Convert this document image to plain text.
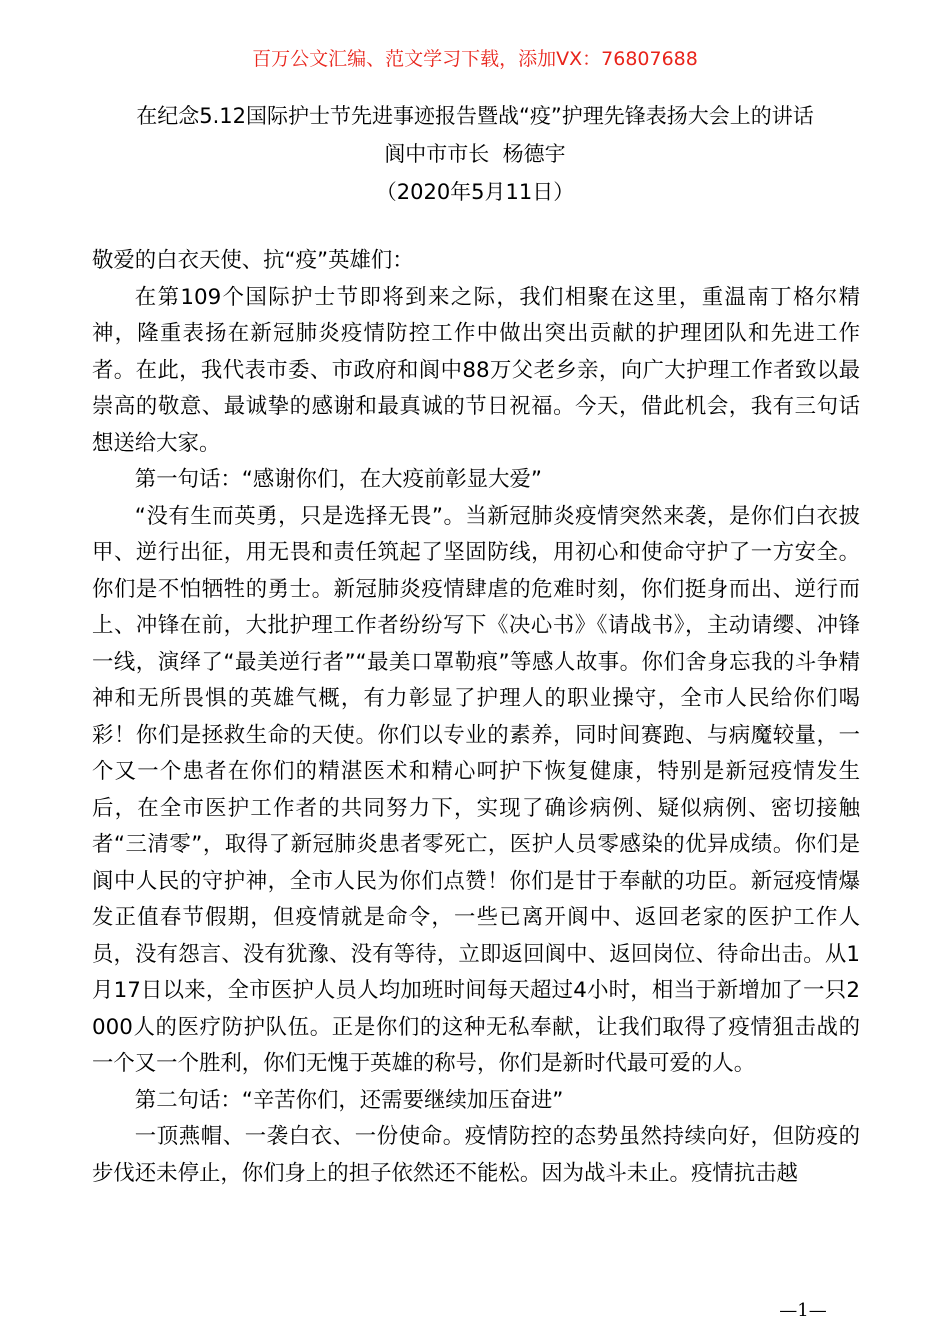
百万公文汇编、范文学习下载，添加VX：76807688
在纪念5.12国际护士节先进事迹报告暨战“疫”护理先锋表扬大会上的讲话
阆中市市长  杨德宇
（2020年5月11日）

敬爱的白衣天使、抗“疫”英雄们：

在第109个国际护士节即将到来之际，我们相聚在这里，重温南丁格尔精神，隆重表扬在新冠肺炎疫情防控工作中做出突出贡献的护理团队和先进工作者。在此，我代表市委、市政府和阆中88万父老乡亲，向广大护理工作者致以最崇高的敬意、最诚挚的感谢和最真诚的节日祝福。今天，借此机会，我有三句话想送给大家。

第一句话：“感谢你们，在大疫前彰显大爱”

“没有生而英勇，只是选择无畏”。当新冠肺炎疫情突然来袭，是你们白衣披甲、逆行出征，用无畏和责任筑起了坚固防线，用初心和使命守护了一方安全。你们是不怕牺牲的勇士。新冠肺炎疫情肆虐的危难时刻，你们挺身而出、逆行而上、冲锋在前，大批护理工作者纷纷写下《决心书》《请战书》，主动请缨、冲锋一线，演绎了“最美逆行者”“最美口罩勒痕”等感人故事。你们舍身忘我的斗争精神和无所畏惧的英雄气概，有力彰显了护理人的职业操守，全市人民给你们喝彩！你们是拯救生命的天使。你们以专业的素养，同时间赛跑、与病魔较量，一个又一个患者在你们的精湛医术和精心呵护下恢复健康，特别是新冠疫情发生后，在全市医护工作者的共同努力下，实现了确诊病例、疑似病例、密切接触者“三清零”，取得了新冠肺炎患者零死亡，医护人员零感染的优异成绩。你们是阆中人民的守护神，全市人民为你们点赞！你们是甘于奉献的功臣。新冠疫情爆发正值春节假期，但疫情就是命令，一些已离开阆中、返回老家的医护工作人员，没有怨言、没有犹豫、没有等待，立即返回阆中、返回岗位、待命出击。从1月17日以来，全市医护人员人均加班时间每天超过4小时，相当于新增加了一只2000人的医疗防护队伍。正是你们的这种无私奉献，让我们取得了疫情狙击战的一个又一个胜利，你们无愧于英雄的称号，你们是新时代最可爱的人。

第二句话：“辛苦你们，还需要继续加压奋进”

一顶燕帽、一袭白衣、一份使命。疫情防控的态势虽然持续向好，但防疫的步伐还未停止，你们身上的担子依然还不能松。因为战斗未止。疫情抗击越

—1—
